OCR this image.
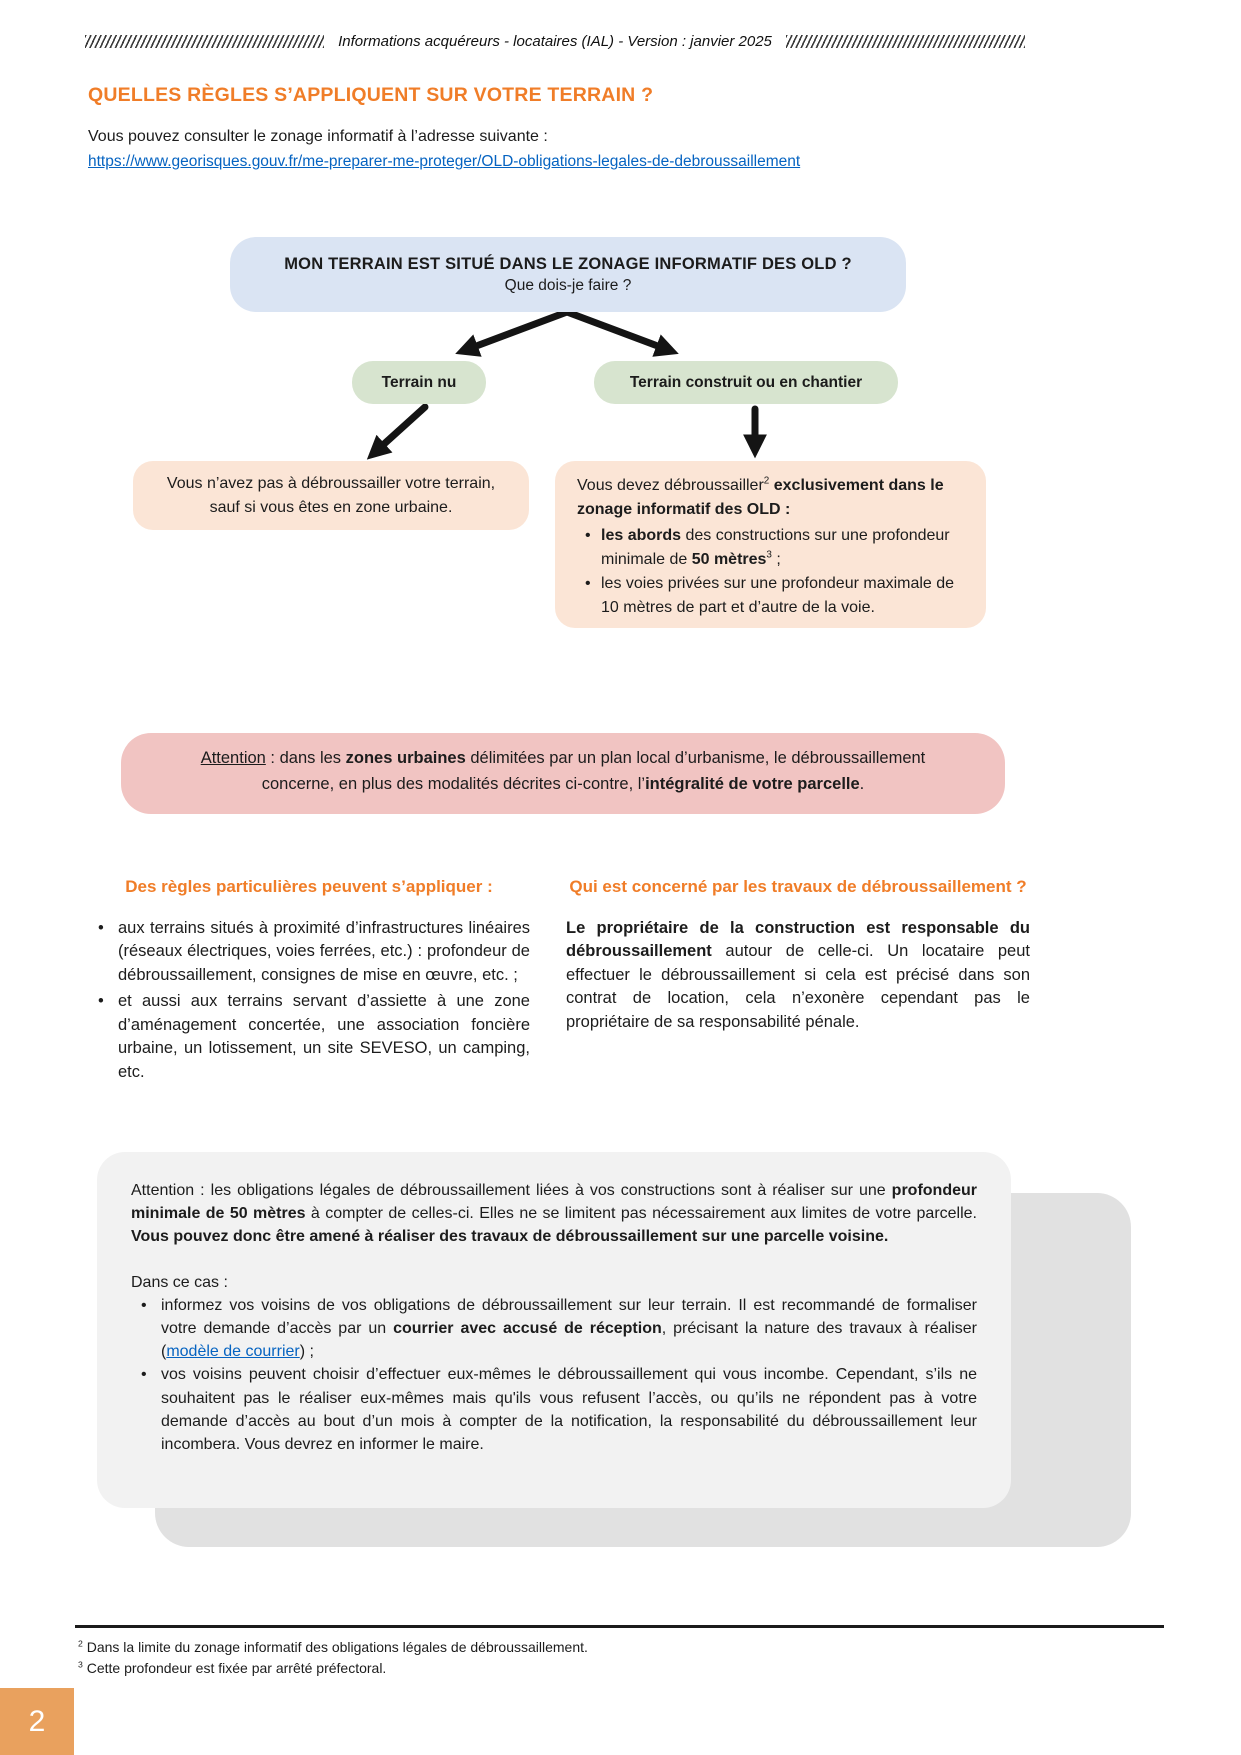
Informations acquéreurs - locataires (IAL) - Version : janvier 2025
QUELLES RÈGLES S’APPLIQUENT SUR VOTRE TERRAIN ?

Vous pouvez consulter le zonage informatif à l’adresse suivante :

https://www.georisques.gouv.fr/me-preparer-me-proteger/OLD-obligations-legales-de-debroussaillement
MON TERRAIN EST SITUÉ DANS LE ZONAGE INFORMATIF DES OLD ?
Que dois-je faire ?
Terrain nu	Terrain construit ou en chantier
Vous n’avez pas à débroussailler votre terrain, sauf si vous êtes en zone urbaine.
Vous devez débroussailler$^2$ exclusivement dans le zonage informatif des OLD :
• les abords des constructions sur une profondeur minimale de 50 mètres$^3$ ;
• les voies privées sur une profondeur maximale de 10 mètres de part et d’autre de la voie.
Attention : dans les zones urbaines délimitées par un plan local d’urbanisme, le débroussaillement concerne, en plus des modalités décrites ci-contre, l’intégralité de votre parcelle.
Des règles particulières peuvent s’appliquer :
• aux terrains situés à proximité d’infrastructures linéaires (réseaux électriques, voies ferrées, etc.) : profondeur de débroussaillement, consignes de mise en œuvre, etc. ;
• et aussi aux terrains servant d’assiette à une zone d’aménagement concertée, une association foncière urbaine, un lotissement, un site SEVESO, un camping, etc.
Qui est concerné par les travaux de débroussaillement ?

Le propriétaire de la construction est responsable du débroussaillement autour de celle-ci. Un locataire peut effectuer le débroussaillement si cela est précisé dans son contrat de location, cela n’exonère cependant pas le propriétaire de sa responsabilité pénale.

Attention : les obligations légales de débroussaillement liées à vos constructions sont à réaliser sur une profondeur minimale de 50 mètres à compter de celles-ci. Elles ne se limitent pas nécessairement aux limites de votre parcelle. Vous pouvez donc être amené à réaliser des travaux de débroussaillement sur une parcelle voisine.

Dans ce cas :

• informez vos voisins de vos obligations de débroussaillement sur leur terrain. Il est recommandé de formaliser votre demande d’accès par un courrier avec accusé de réception, précisant la nature des travaux à réaliser (modèle de courrier) ;
• vos voisins peuvent choisir d’effectuer eux-mêmes le débroussaillement qui vous incombe. Cependant, s’ils ne souhaitent pas le réaliser eux-mêmes mais qu'ils vous refusent l’accès, ou qu’ils ne répondent pas à votre demande d’accès au bout d’un mois à compter de la notification, la responsabilité du débroussaillement leur incombera. Vous devrez en informer le maire.
$^2$ Dans la limite du zonage informatif des obligations légales de débroussaillement.
$^3$ Cette profondeur est fixée par arrêté préfectoral.
2
